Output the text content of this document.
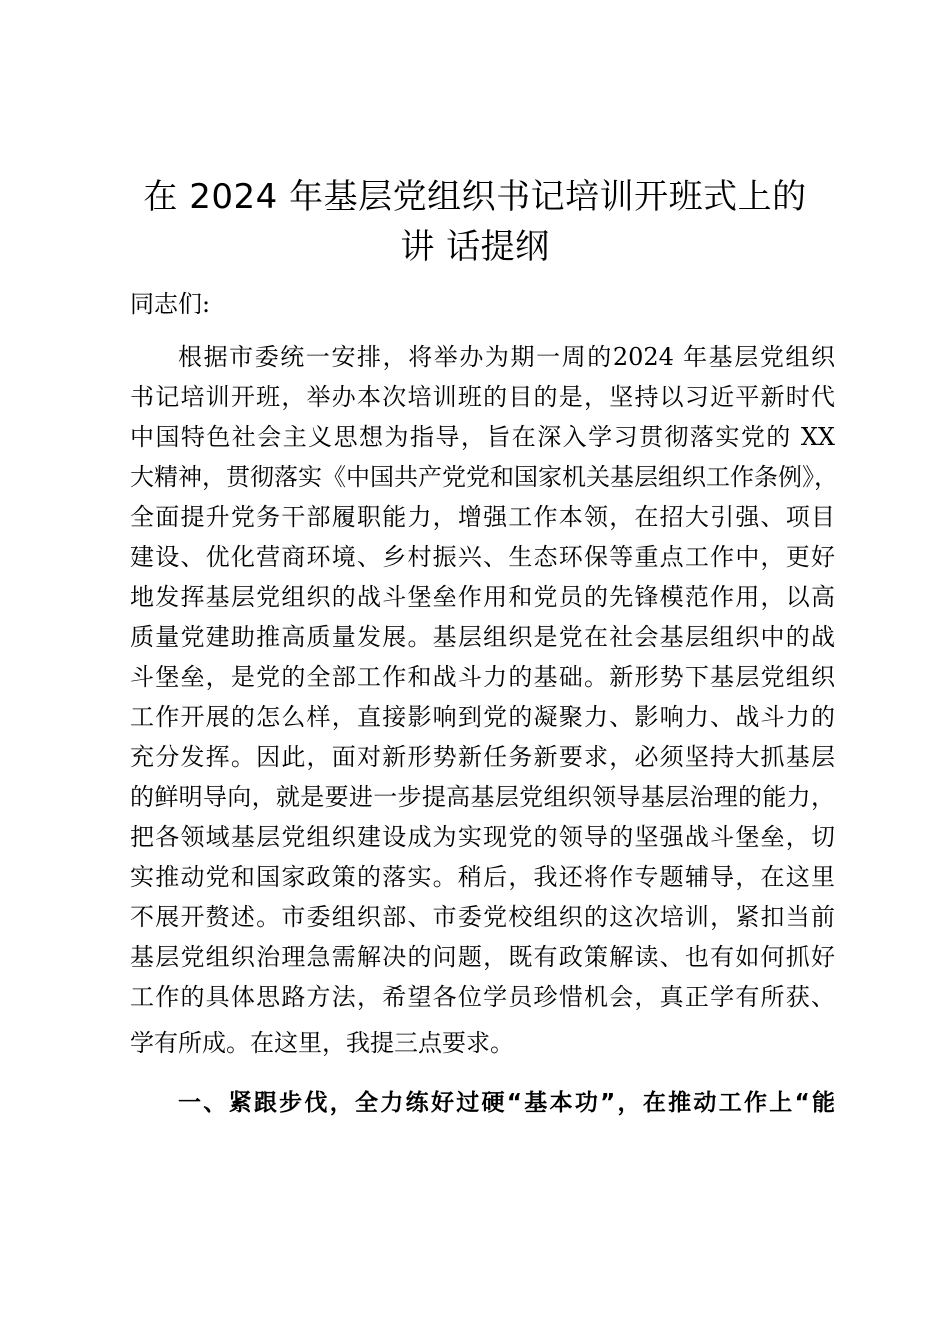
在 2024 年基层党组织书记培训开班式上的
讲 话提纲
同志们:
根据市委统一安排，将举办为期一周的2024 年基层党组织
书记培训开班，举办本次培训班的目的是，坚持以习近平新时代
中国特色社会主义思想为指导，旨在深入学习贯彻落实党的 XX
大精神，贯彻落实《中国共产党党和国家机关基层组织工作条例》，
全面提升党务干部履职能力，增强工作本领，在招大引强、项目
建设、优化营商环境、乡村振兴、生态环保等重点工作中，更好
地发挥基层党组织的战斗堡垒作用和党员的先锋模范作用，以高
质量党建助推高质量发展。基层组织是党在社会基层组织中的战
斗堡垒，是党的全部工作和战斗力的基础。新形势下基层党组织
工作开展的怎么样，直接影响到党的凝聚力、影响力、战斗力的
充分发挥。因此，面对新形势新任务新要求，必须坚持大抓基层
的鲜明导向，就是要进一步提高基层党组织领导基层治理的能力，
把各领域基层党组织建设成为实现党的领导的坚强战斗堡垒，切
实推动党和国家政策的落实。稍后，我还将作专题辅导，在这里
不展开赘述。市委组织部、市委党校组织的这次培训，紧扣当前
基层党组织治理急需解决的问题，既有政策解读、也有如何抓好
工作的具体思路方法，希望各位学员珍惜机会，真正学有所获、
学有所成。在这里，我提三点要求。
一、紧跟步伐，全力练好过硬“基本功”，在推动工作上“能
